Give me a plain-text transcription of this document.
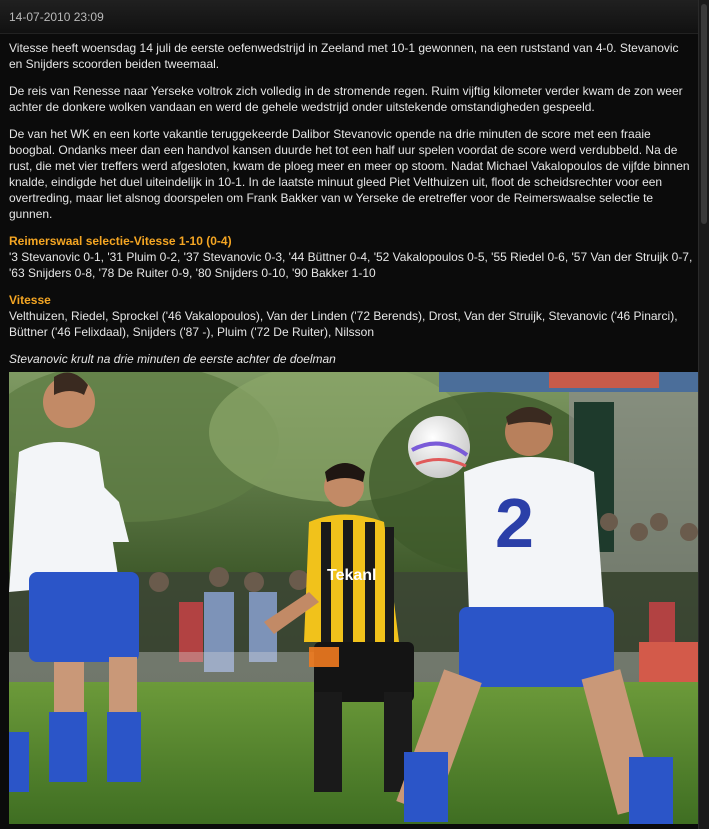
14-07-2010 23:09

Vitesse heeft woensdag 14 juli de eerste oefenwedstrijd in Zeeland met 10-1 gewonnen, na een ruststand van 4-0. Stevanovic en Snijders scoorden beiden tweemaal.

De reis van Renesse naar Yerseke voltrok zich volledig in de stromende regen. Ruim vijftig kilometer verder kwam de zon weer achter de donkere wolken vandaan en werd de gehele wedstrijd onder uitstekende omstandigheden gespeeld.

De van het WK en een korte vakantie teruggekeerde Dalibor Stevanovic opende na drie minuten de score met een fraaie boogbal. Ondanks meer dan een handvol kansen duurde het tot een half uur spelen voordat de score werd verdubbeld. Na de rust, die met vier treffers werd afgesloten, kwam de ploeg meer en meer op stoom. Nadat Michael Vakalopoulos de vijfde binnen knalde, eindigde het duel uiteindelijk in 10-1. In de laatste minuut gleed Piet Velthuizen uit, floot de scheidsrechter voor een overtreding, maar liet alsnog doorspelen om Frank Bakker van w Yerseke de eretreffer voor de Reimerswaalse selectie te gunnen.

Reimerswaal selectie-Vitesse 1-10 (0-4)
'3 Stevanovic 0-1, '31 Pluim 0-2, '37 Stevanovic 0-3, '44 Büttner 0-4, '52 Vakalopoulos 0-5, '55 Riedel 0-6, '57 Van der Struijk 0-7, '63 Snijders 0-8, '78 De Ruiter 0-9, '80 Snijders 0-10, '90 Bakker 1-10

Vitesse
Velthuizen, Riedel, Sprockel ('46 Vakalopoulos), Van der Linden ('72 Berends), Drost, Van der Struijk, Stevanovic ('46 Pinarci), Büttner ('46 Felixdaal), Snijders ('87 -), Pluim ('72 De Ruiter), Nilsson

Stevanovic krult na drie minuten de eerste achter de doelman

Tekanl
2
